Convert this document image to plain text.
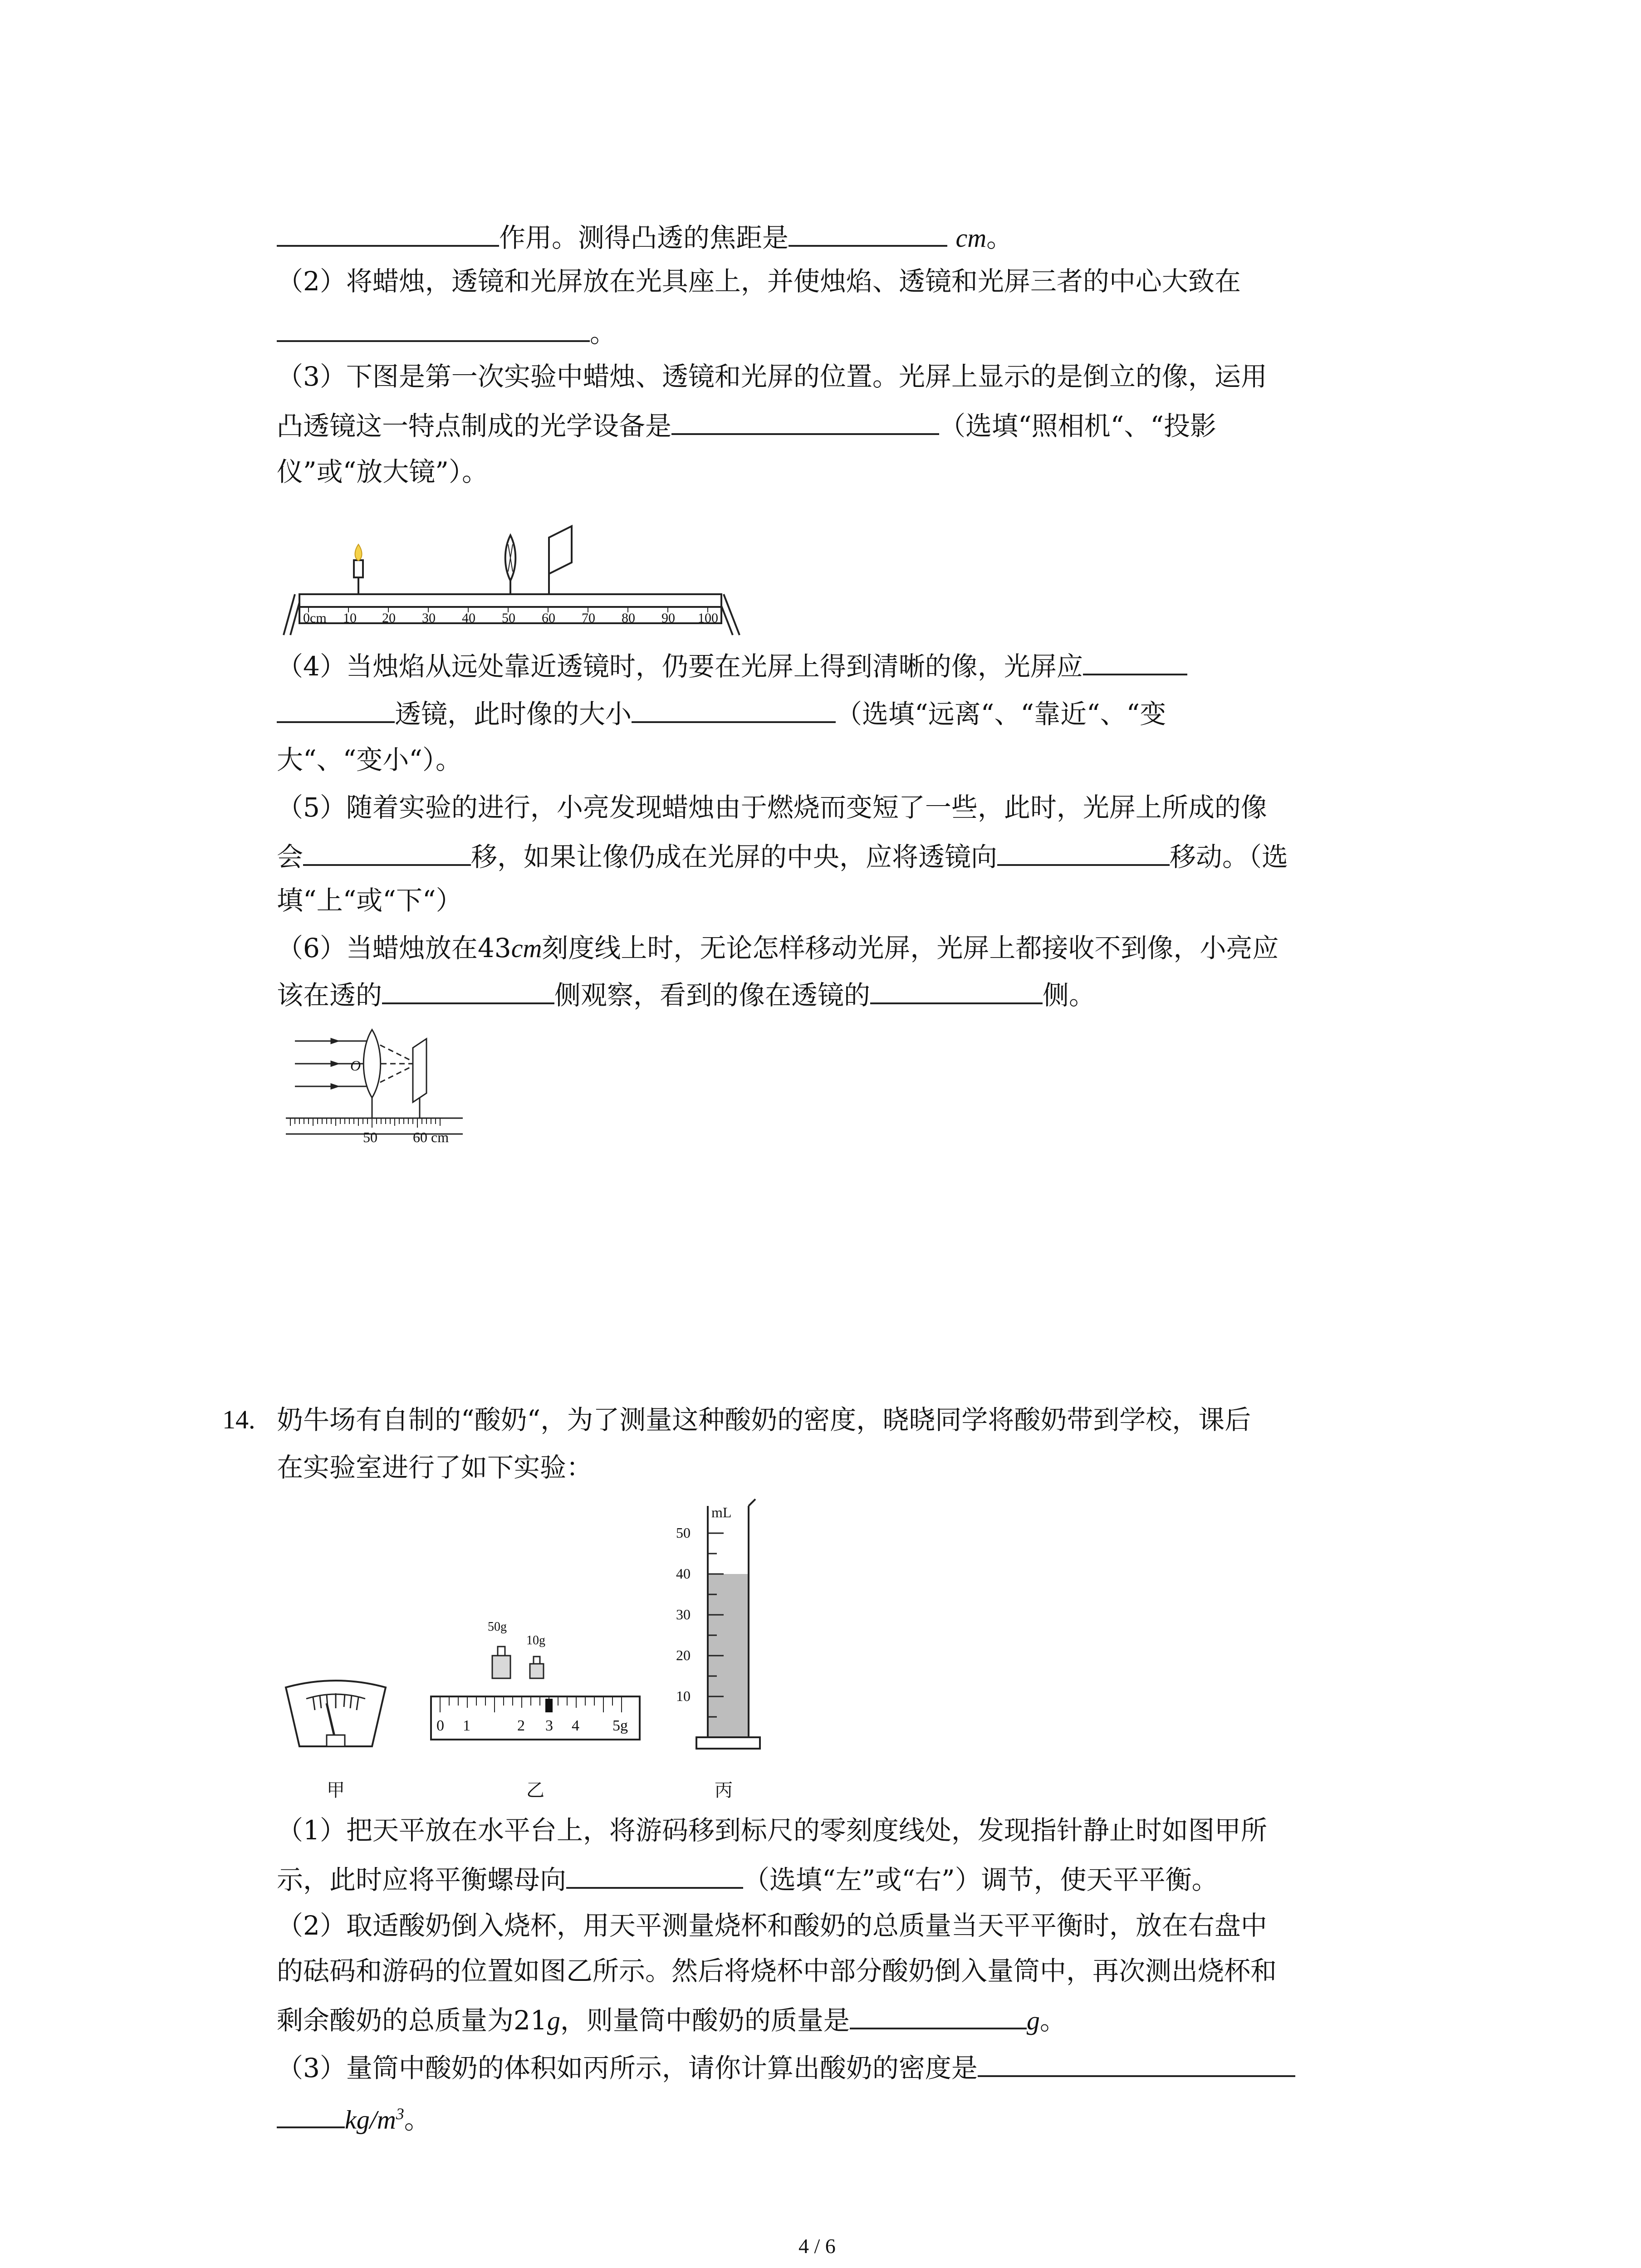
作用。测得凸透的焦距是	cm。
（2）将蜡烛，透镜和光屏放在光具座上，并使烛焰、透镜和光屏三者的中心大致在
。
（3）下图是第一次实验中蜡烛、透镜和光屏的位置。光屏上显示的是倒立的像，运用
凸透镜这一特点制成的光学设备是	（选填“照相机“、“投影
仪”或“放大镜”）。
0cm 10 20 30 40 50 60 70 80 90 100
（4）当烛焰从远处靠近透镜时，仍要在光屏上得到清晰的像，光屏应
透镜，此时像的大小	（选填“远离“、“靠近“、“变
大“、“变小“）。
（5）随着实验的进行，小亮发现蜡烛由于燃烧而变短了一些，此时，光屏上所成的像
会	移，如果让像仍成在光屏的中央，应将透镜向	移动。（选
填“上“或“下“）
（6）当蜡烛放在43cm刻度线上时，无论怎样移动光屏，光屏上都接收不到像，小亮应
该在透的	侧观察，看到的像在透镜的	侧。
O
50 60 cm
14. 奶牛场有自制的“酸奶“，为了测量这种酸奶的密度，晓晓同学将酸奶带到学校，课后
在实验室进行了如下实验：
50g
10g
0 1	2 3 4 5g
mL
50
40
30
20
10
甲	乙	丙
（1）把天平放在水平台上，将游码移到标尺的零刻度线处，发现指针静止时如图甲所
示，此时应将平衡螺母向	（选填“左”或“右”）调节，使天平平衡。
（2）取适酸奶倒入烧杯，用天平测量烧杯和酸奶的总质量当天平平衡时，放在右盘中
的砝码和游码的位置如图乙所示。然后将烧杯中部分酸奶倒入量筒中，再次测出烧杯和
剩余酸奶的总质量为21g，则量筒中酸奶的质量是	g。
（3）量筒中酸奶的体积如丙所示，请你计算出酸奶的密度是
$kg/m^3$。
4 / 6
